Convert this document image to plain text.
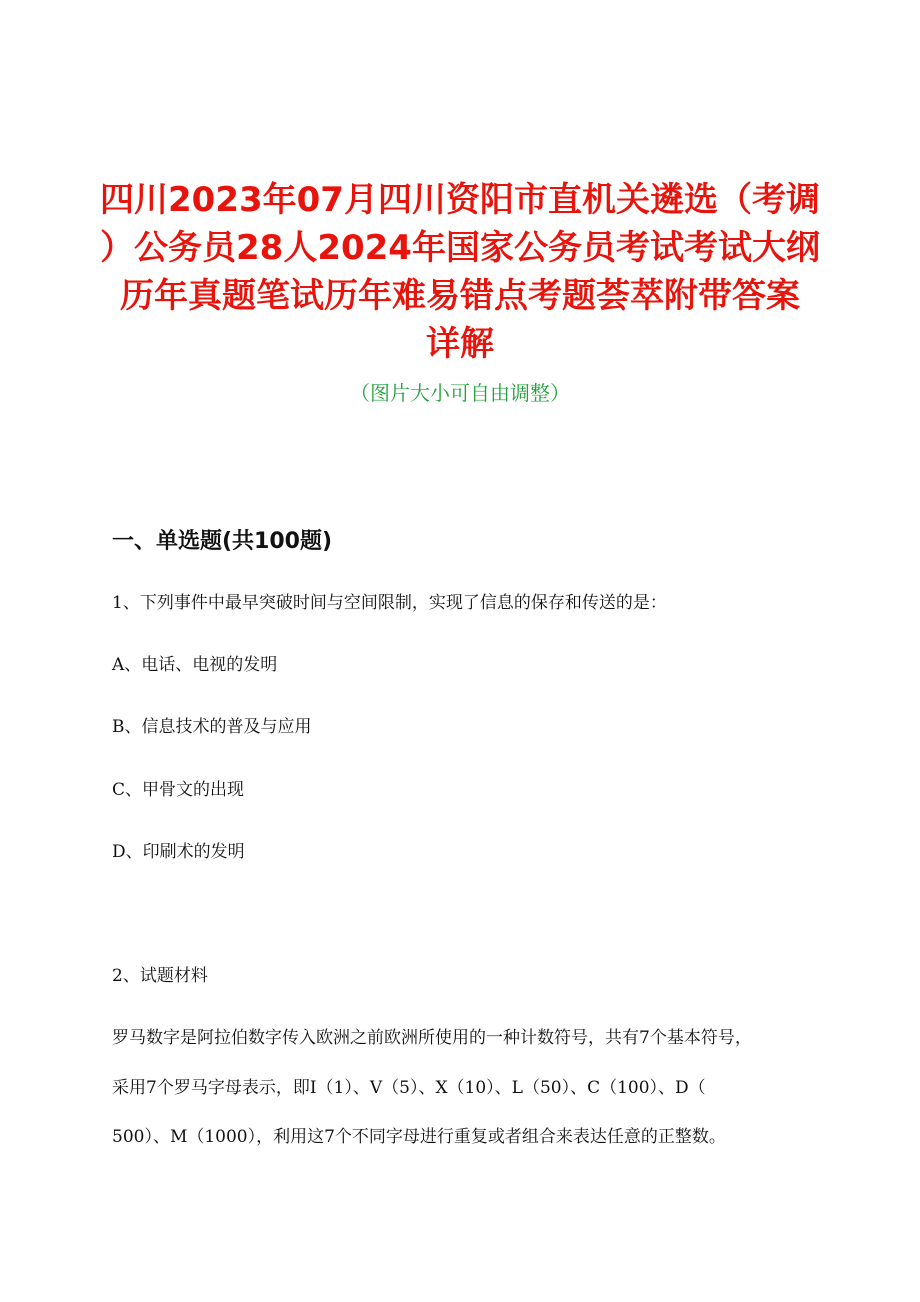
四川2023年07月四川资阳市直机关遴选（考调
）公务员28人2024年国家公务员考试考试大纲
历年真题笔试历年难易错点考题荟萃附带答案
详解
（图片大小可自由调整）
一、单选题(共100题)
1、下列事件中最早突破时间与空间限制，实现了信息的保存和传送的是：
A、电话、电视的发明
B、信息技术的普及与应用
C、甲骨文的出现
D、印刷术的发明
2、试题材料
罗马数字是阿拉伯数字传入欧洲之前欧洲所使用的一种计数符号，共有7个基本符号，
采用7个罗马字母表示，即Ⅰ（1）、Ⅴ（5）、Ⅹ（10）、L（50）、C（100）、D（
500）、M（1000），利用这7个不同字母进行重复或者组合来表达任意的正整数。
